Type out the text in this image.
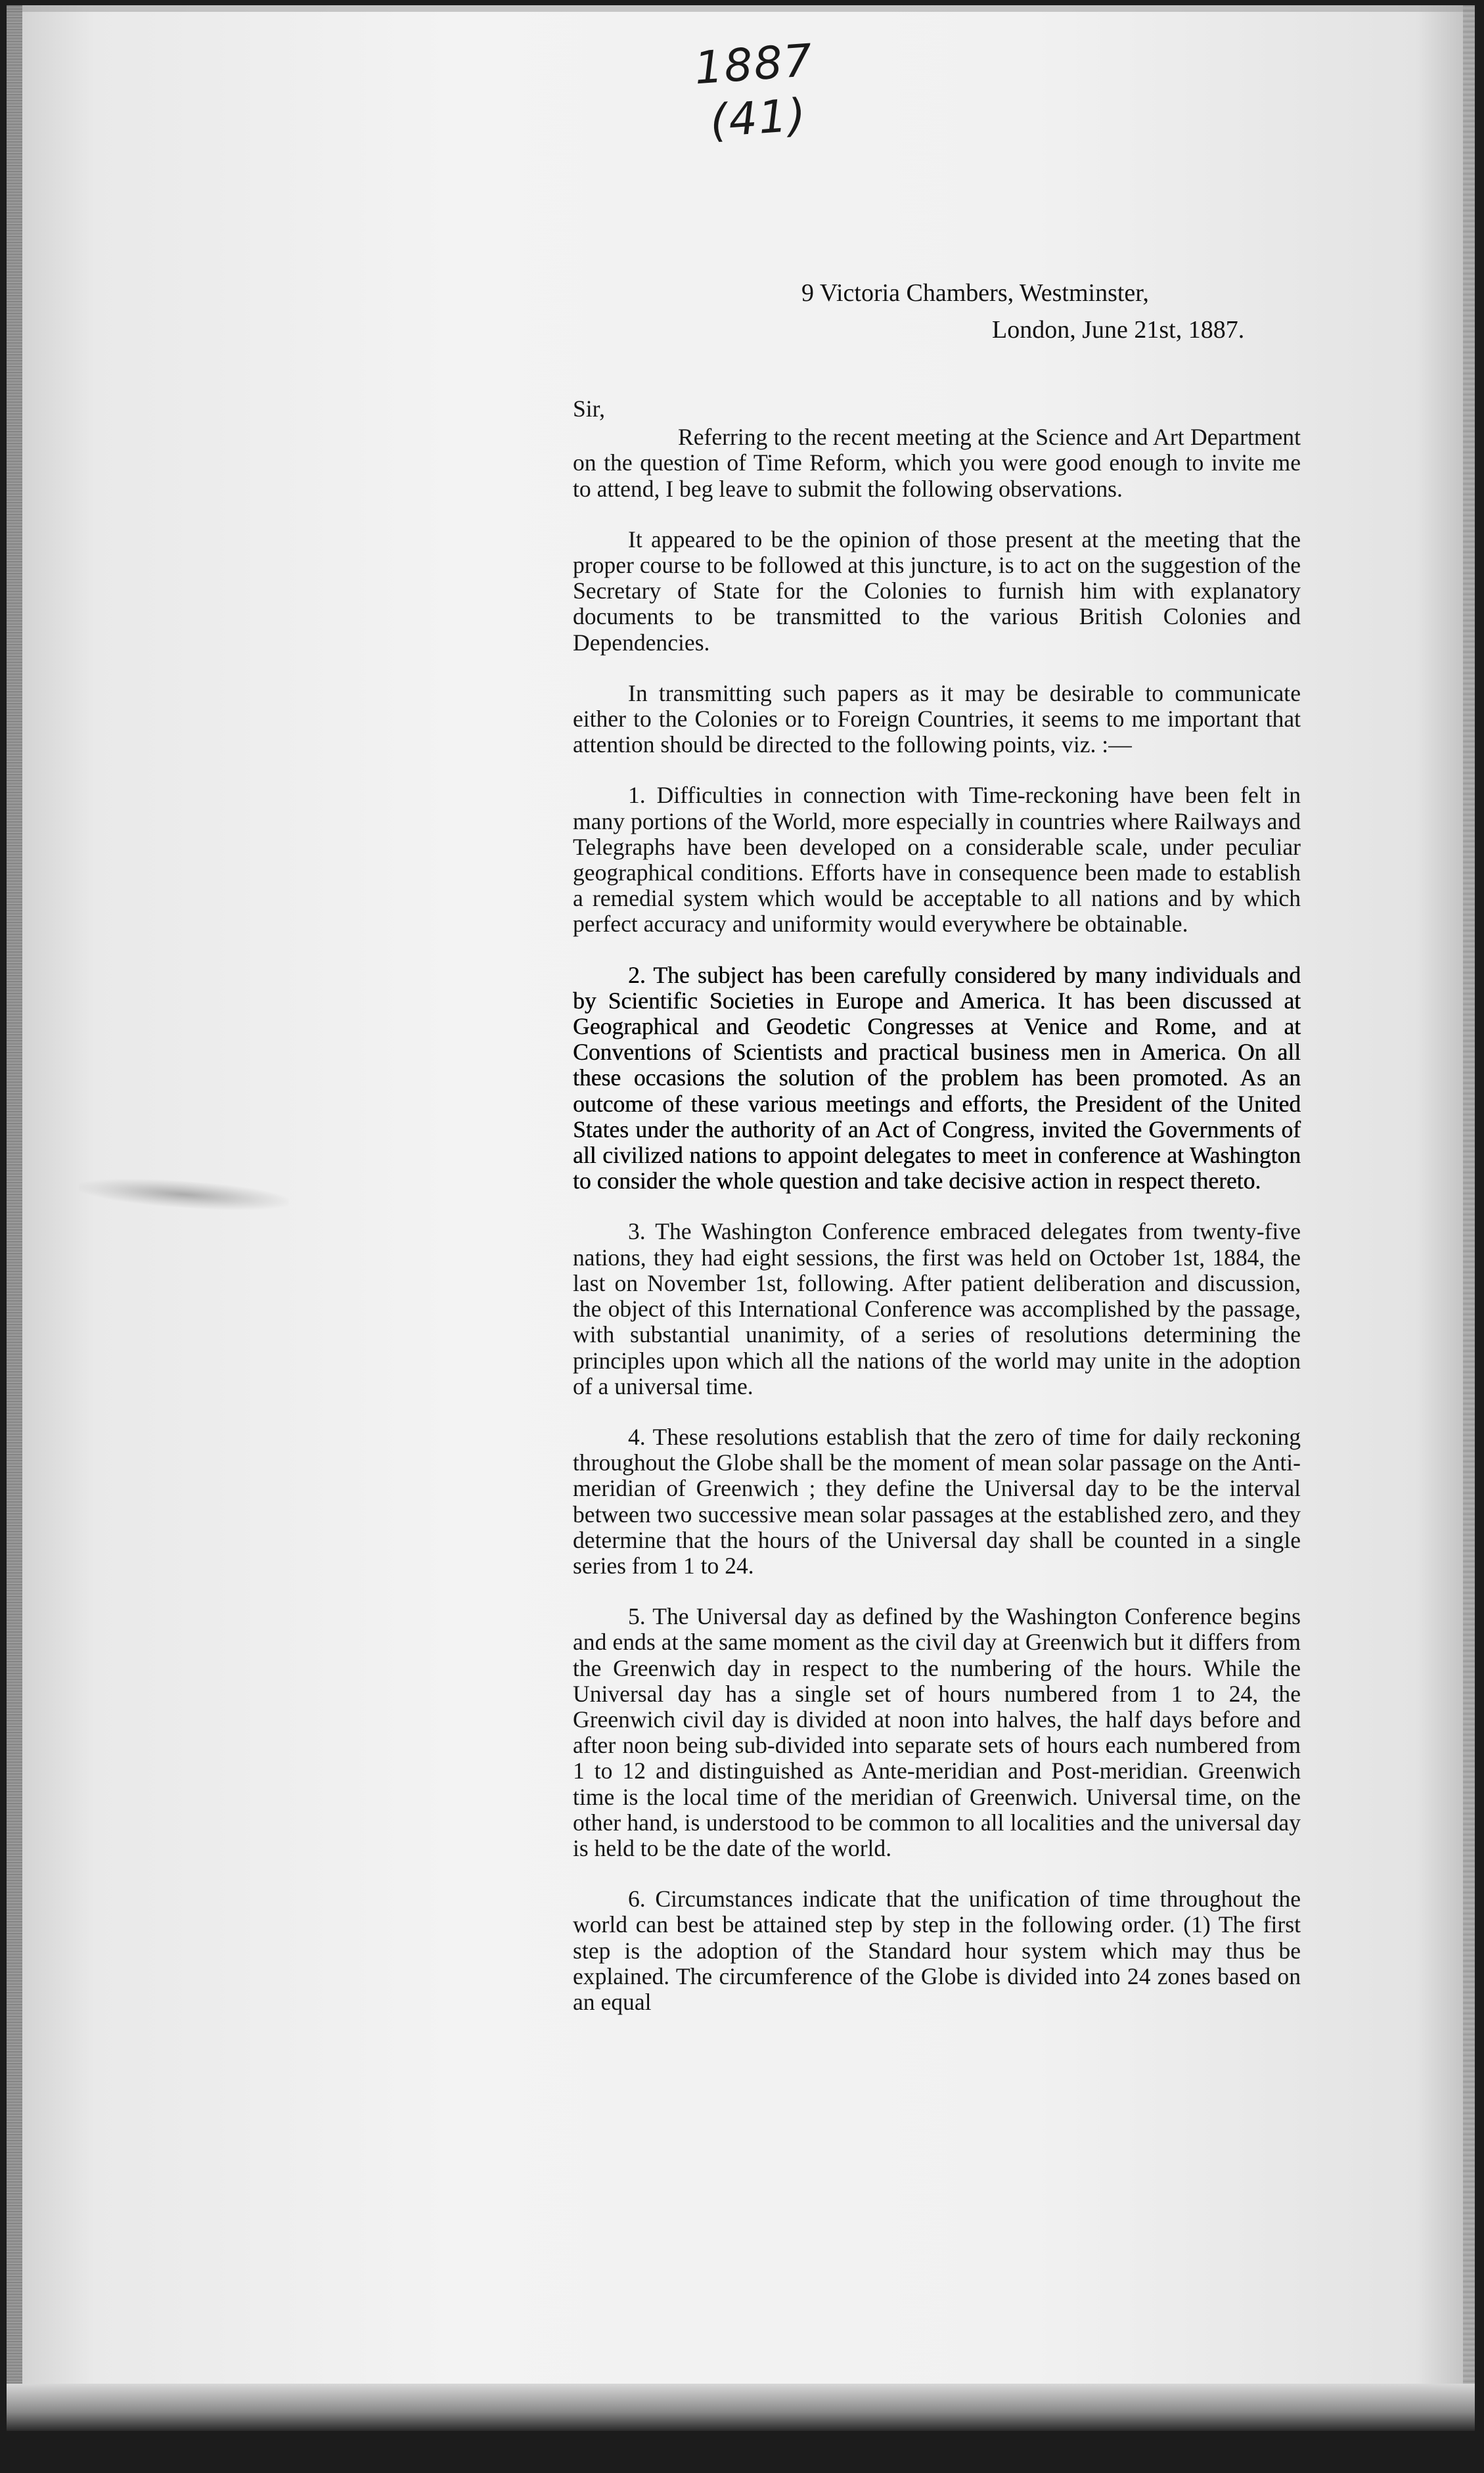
1887
(41)
9 Victoria Chambers, Westminster,
London, June 21st, 1887.
Sir,

Referring to the recent meeting at the Science and Art Department on the question of Time Reform, which you were good enough to invite me to attend, I beg leave to submit the following observations.

It appeared to be the opinion of those present at the meeting that the proper course to be followed at this juncture, is to act on the suggestion of the Secretary of State for the Colonies to furnish him with explanatory documents to be transmitted to the various British Colonies and Dependencies.

In transmitting such papers as it may be desirable to communicate either to the Colonies or to Foreign Countries, it seems to me important that attention should be directed to the following points, viz. :—

1. Difficulties in connection with Time-reckoning have been felt in many portions of the World, more especially in countries where Railways and Telegraphs have been developed on a considerable scale, under peculiar geographical conditions. Efforts have in consequence been made to establish a remedial system which would be acceptable to all nations and by which perfect accuracy and uniformity would everywhere be obtainable.

2. The subject has been carefully considered by many individuals and by Scientific Societies in Europe and America. It has been discussed at Geographical and Geodetic Congresses at Venice and Rome, and at Conventions of Scientists and practical business men in America. On all these occasions the solution of the problem has been promoted. As an outcome of these various meetings and efforts, the President of the United States under the authority of an Act of Congress, invited the Governments of all civilized nations to appoint delegates to meet in conference at Washington to consider the whole question and take decisive action in respect thereto.

3. The Washington Conference embraced delegates from twenty-five nations, they had eight sessions, the first was held on October 1st, 1884, the last on November 1st, following. After patient deliberation and discussion, the object of this International Conference was accomplished by the passage, with substantial unanimity, of a series of resolutions determining the principles upon which all the nations of the world may unite in the adoption of a universal time.

4. These resolutions establish that the zero of time for daily reckoning throughout the Globe shall be the moment of mean solar passage on the Anti-meridian of Greenwich ; they define the Universal day to be the interval between two successive mean solar passages at the established zero, and they determine that the hours of the Universal day shall be counted in a single series from 1 to 24.

5. The Universal day as defined by the Washington Conference begins and ends at the same moment as the civil day at Greenwich but it differs from the Greenwich day in respect to the numbering of the hours. While the Universal day has a single set of hours numbered from 1 to 24, the Greenwich civil day is divided at noon into halves, the half days before and after noon being sub-divided into separate sets of hours each numbered from 1 to 12 and distinguished as Ante-meridian and Post-meridian. Greenwich time is the local time of the meridian of Greenwich. Universal time, on the other hand, is understood to be common to all localities and the universal day is held to be the date of the world.

6. Circumstances indicate that the unification of time throughout the world can best be attained step by step in the following order. (1) The first step is the adoption of the Standard hour system which may thus be explained. The circumference of the Globe is divided into 24 zones based on an equal
